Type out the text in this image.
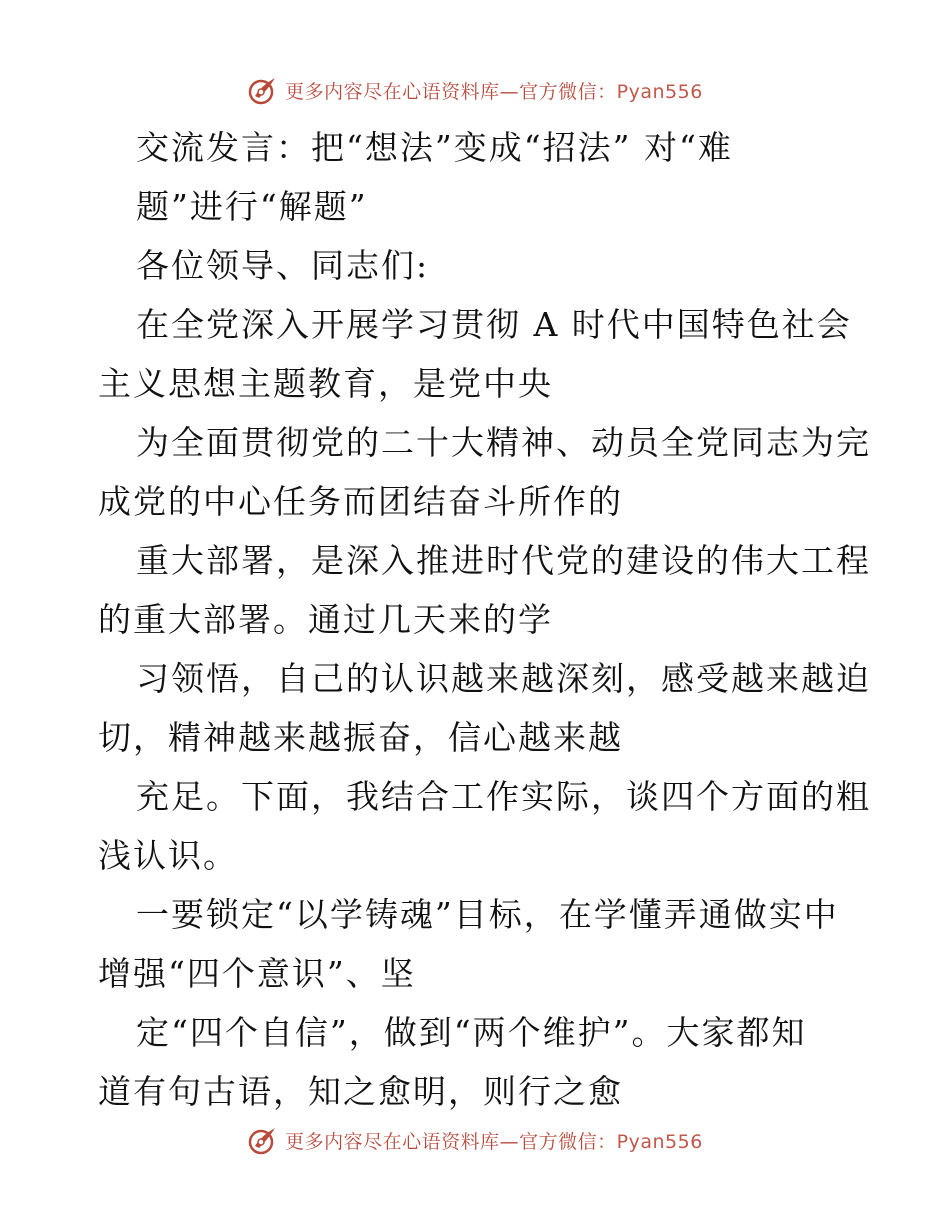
更多内容尽在心语资料库—官方微信：Pyan556
交流发言：把“想法”变成“招法” 对“难
题”进行“解题”
各位领导、同志们:
在全党深入开展学习贯彻 A 时代中国特色社会
主义思想主题教育，是党中央
为全面贯彻党的二十大精神、动员全党同志为完
成党的中心任务而团结奋斗所作的
重大部署，是深入推进时代党的建设的伟大工程
的重大部署。通过几天来的学
习领悟，自己的认识越来越深刻，感受越来越迫
切，精神越来越振奋，信心越来越
充足。下面，我结合工作实际，谈四个方面的粗
浅认识。
一要锁定“以学铸魂”目标，在学懂弄通做实中
增强“四个意识”、坚
定“四个自信”，做到“两个维护”。大家都知
道有句古语，知之愈明，则行之愈
更多内容尽在心语资料库—官方微信：Pyan556
